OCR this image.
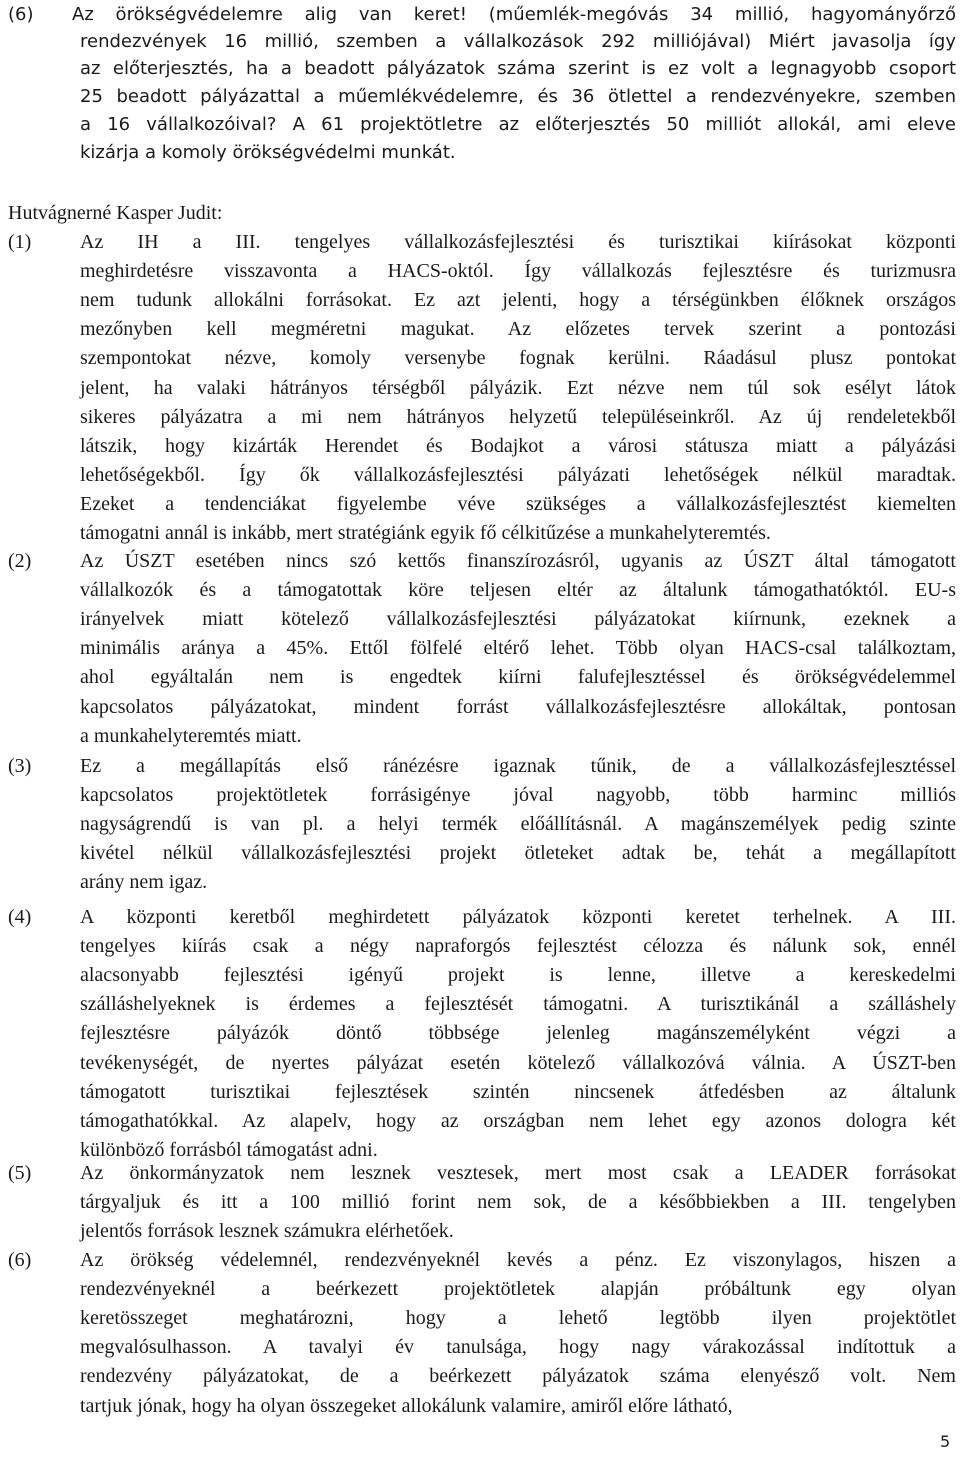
(6)	Az örökségvédelemre alig van keret! (műemlék-megóvás 34 millió, hagyományőrző
rendezvények 16 millió, szemben a vállalkozások 292 milliójával) Miért javasolja így
az előterjesztés, ha a beadott pályázatok száma szerint is ez volt a legnagyobb csoport
25 beadott pályázattal a műemlékvédelemre, és 36 ötlettel a rendezvényekre, szemben
a 16 vállalkozóival? A 61 projektötletre az előterjesztés 50 milliót allokál, ami eleve
kizárja a komoly örökségvédelmi munkát.
Hutvágnerné Kasper Judit:
(1)	Az IH a III. tengelyes vállalkozásfejlesztési és turisztikai kiírásokat központi
meghirdetésre visszavonta a HACS-októl. Így vállalkozás fejlesztésre és turizmusra
nem tudunk allokálni forrásokat. Ez azt jelenti, hogy a térségünkben élőknek országos
mezőnyben kell megméretni magukat. Az előzetes tervek szerint a pontozási
szempontokat nézve, komoly versenybe fognak kerülni. Ráadásul plusz pontokat
jelent, ha valaki hátrányos térségből pályázik. Ezt nézve nem túl sok esélyt látok
sikeres pályázatra a mi nem hátrányos helyzetű településeinkről. Az új rendeletekből
látszik, hogy kizárták Herendet és Bodajkot a városi státusza miatt a pályázási
lehetőségekből. Így ők vállalkozásfejlesztési pályázati lehetőségek nélkül maradtak.
Ezeket a tendenciákat figyelembe véve szükséges a vállalkozásfejlesztést kiemelten
támogatni annál is inkább, mert stratégiánk egyik fő célkitűzése a munkahelyteremtés.
(2)	Az ÚSZT esetében nincs szó kettős finanszírozásról, ugyanis az ÚSZT által támogatott
vállalkozók és a támogatottak köre teljesen eltér az általunk támogathatóktól. EU-s
irányelvek miatt kötelező vállalkozásfejlesztési pályázatokat kiírnunk, ezeknek a
minimális aránya a 45%. Ettől fölfelé eltérő lehet. Több olyan HACS-csal találkoztam,
ahol egyáltalán nem is engedtek kiírni falufejlesztéssel és örökségvédelemmel
kapcsolatos pályázatokat, mindent forrást vállalkozásfejlesztésre allokáltak, pontosan
a munkahelyteremtés miatt.
(3)	Ez a megállapítás első ránézésre igaznak tűnik, de a vállalkozásfejlesztéssel
kapcsolatos projektötletek forrásigénye jóval nagyobb, több harminc milliós
nagyságrendű is van pl. a helyi termék előállításnál. A magánszemélyek pedig szinte
kivétel nélkül vállalkozásfejlesztési projekt ötleteket adtak be, tehát a megállapított
arány nem igaz.
(4)	A központi keretből meghirdetett pályázatok központi keretet terhelnek. A III.
tengelyes kiírás csak a négy napraforgós fejlesztést célozza és nálunk sok, ennél
alacsonyabb fejlesztési igényű projekt is lenne, illetve a kereskedelmi
szálláshelyeknek is érdemes a fejlesztését támogatni. A turisztikánál a szálláshely
fejlesztésre pályázók döntő többsége jelenleg magánszemélyként végzi a
tevékenységét, de nyertes pályázat esetén kötelező vállalkozóvá válnia. A ÚSZT-ben
támogatott turisztikai fejlesztések szintén nincsenek átfedésben az általunk
támogathatókkal. Az alapelv, hogy az országban nem lehet egy azonos dologra két
különböző forrásból támogatást adni.
(5)	Az önkormányzatok nem lesznek vesztesek, mert most csak a LEADER forrásokat
tárgyaljuk és itt a 100 millió forint nem sok, de a későbbiekben a III. tengelyben
jelentős források lesznek számukra elérhetőek.
(6)	Az örökség védelemnél, rendezvényeknél kevés a pénz. Ez viszonylagos, hiszen a
rendezvényeknél a beérkezett projektötletek alapján próbáltunk egy olyan
keretösszeget meghatározni, hogy a lehető legtöbb ilyen projektötlet
megvalósulhasson. A tavalyi év tanulsága, hogy nagy várakozással indítottuk a
rendezvény pályázatokat, de a beérkezett pályázatok száma elenyésző volt. Nem
tartjuk jónak, hogy ha olyan összegeket allokálunk valamire, amiről előre látható,
5
